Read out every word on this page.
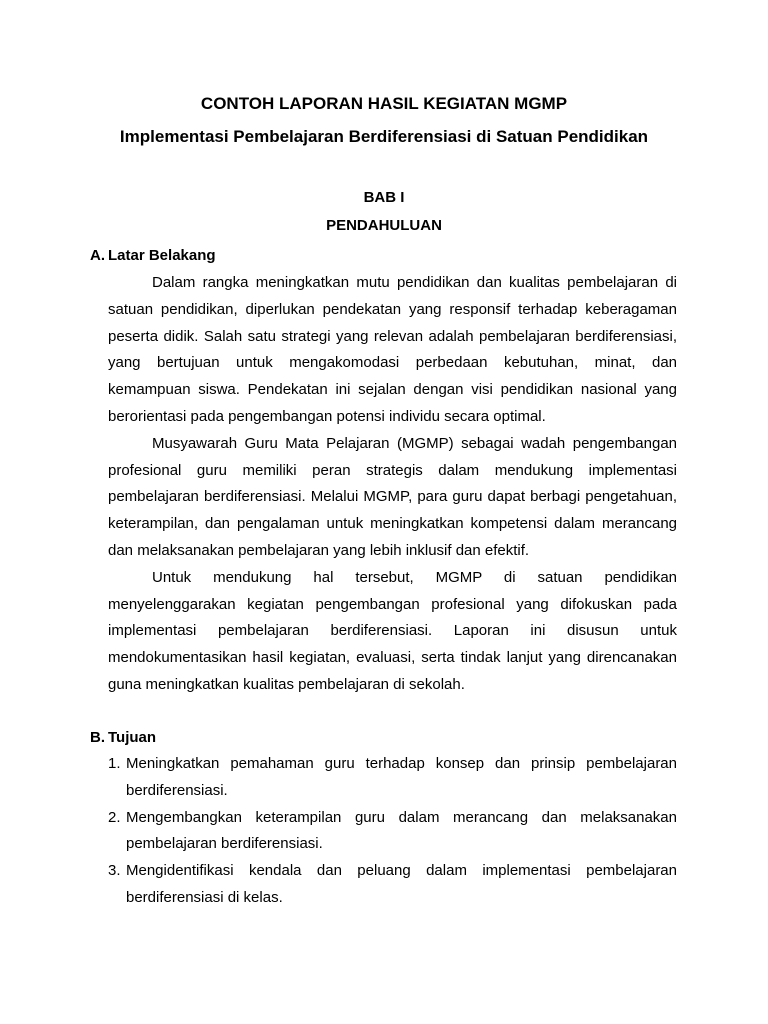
CONTOH LAPORAN HASIL KEGIATAN MGMP
Implementasi Pembelajaran Berdiferensiasi di Satuan Pendidikan
BAB I
PENDAHULUAN
A. Latar Belakang

Dalam rangka meningkatkan mutu pendidikan dan kualitas pembelajaran di satuan pendidikan, diperlukan pendekatan yang responsif terhadap keberagaman peserta didik. Salah satu strategi yang relevan adalah pembelajaran berdiferensiasi, yang bertujuan untuk mengakomodasi perbedaan kebutuhan, minat, dan kemampuan siswa. Pendekatan ini sejalan dengan visi pendidikan nasional yang berorientasi pada pengembangan potensi individu secara optimal.

Musyawarah Guru Mata Pelajaran (MGMP) sebagai wadah pengembangan profesional guru memiliki peran strategis dalam mendukung implementasi pembelajaran berdiferensiasi. Melalui MGMP, para guru dapat berbagi pengetahuan, keterampilan, dan pengalaman untuk meningkatkan kompetensi dalam merancang dan melaksanakan pembelajaran yang lebih inklusif dan efektif.

Untuk mendukung hal tersebut, MGMP di satuan pendidikan menyelenggarakan kegiatan pengembangan profesional yang difokuskan pada implementasi pembelajaran berdiferensiasi. Laporan ini disusun untuk mendokumentasikan hasil kegiatan, evaluasi, serta tindak lanjut yang direncanakan guna meningkatkan kualitas pembelajaran di sekolah.

B. Tujuan
1. Meningkatkan pemahaman guru terhadap konsep dan prinsip pembelajaran berdiferensiasi.
2. Mengembangkan keterampilan guru dalam merancang dan melaksanakan pembelajaran berdiferensiasi.
3. Mengidentifikasi kendala dan peluang dalam implementasi pembelajaran berdiferensiasi di kelas.
